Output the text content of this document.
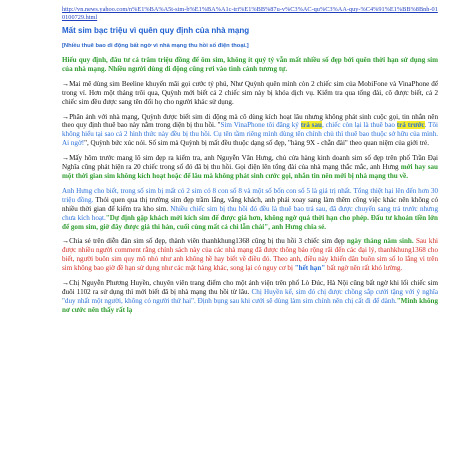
http://vn.news.yahoo.com/n%E1%BA%A5t-sim-b%E1%BA%A1c-tri%E1%BB%87u-v%C3%AC-qu%C3%AA-quy-%C4%91%E1%BB%8Bnh-010100729.html
Mất sim bạc triệu vì quên quy định của nhà mạng
[Nhiều thuê bao di động bất ngờ vì nhà mạng thu hồi số điện thoại.]

Hiếu quy định, đâu tư cả trăm triệu đồng để ôm sim, không ít quý tỷ vẫn mất nhiều số đẹp bởi quên thời hạn sử dụng sim của nhà mạng. Nhiều người dùng di động cũng rơi vào tình cảnh tương tự.

→Mai mê dùng sim Beeline khuyến mãi gọi cước tỷ phú, Như Quỳnh quên mình còn 2 chiếc sim của MobiFone và VinaPhone để trong ví. Hơn một tháng trôi qua, Quỳnh mới biết cả 2 chiếc sim này bị khóa dịch vụ. Kiểm tra qua tổng đài, cô được biết, cả 2 chiếc sim đều được sang tên đổi họ cho người khác sử dụng.

→Phân ảnh với nhà mạng, Quỳnh được biết sim di động mà cô dùng kích hoạt lâu nhưng không phát sinh cuộc gọi, tin nhắn nên theo quy định thuê bao này nằm trong diện bị thu hồi. "Sim VinaPhone tôi đăng ký trả sau, chiếc còn lại là thuê bao trả trước. Tôi không hiểu tại sao cả 2 hình thức này đều bị thu hồi. Cụ tên tầm riêng mình dùng tên chính chủ thì thuê bao thuộc sở hữu của mình. Ai ngờ!", Quỳnh bức xúc nói. Số sim mà Quỳnh bị mất đều thuộc dạng số đẹp, "hàng 9X - chẵn đài" theo quan niệm của giới trẻ.

→Mấy hôm trước mang lô sim đẹp ra kiểm tra, anh Nguyễn Văn Hưng, chủ cửa hàng kinh doanh sim số đẹp trên phố Trần Đại Nghĩa cũng phát hiện ra 20 chiếc trong số đó đã bị thu hồi. Gọi điện lên tổng đài của nhà mạng thắc mắc, anh Hưng mới hay sau một thời gian sim không kích hoạt hoặc để lâu mà không phát sinh cước gọi, nhắn tin nên mới bị nhà mạng thu về.

Anh Hưng cho biết, trong số sim bị mất có 2 sim có 8 con số 8 và một số bốn con số 5 là giá trị nhất. Tổng thiệt hại lên đến hơn 30 triệu đồng. Thói quen qua thị trường sim đẹp trầm lắng, vắng khách, anh phải xoay sang làm thêm công việc khác nên không có nhiều thời gian để kiểm tra kho sim. Nhiều chiếc sim bị thu hồi đó đều là thuê bao trả sau, đã được chuyển sang trả trước nhưng chưa kích hoạt."Dự định gặp khách mới kích sim để được giá hơn, không ngờ quá thời hạn cho phép. Đấu tư khoản tiền lớn để gom sim, giờ đây được giá thì hàn, cuối cùng mất cả chì lẫn chài", anh Hưng chia sẻ.

→Chia sẻ trên diễn đàn sim số đẹp, thành viên thanhkhung1368 cũng bị thu hồi 3 chiếc sim đẹp ngày tháng năm sinh. Sau khi được nhiều người comment rằng chính sách này của các nhà mạng đã được thông báo rộng rãi đến các đại lý, thanhkhung1368 cho biết, người buôn sim quy mô nhỏ như anh không hề hay biết về điều đó. Theo anh, điều này khiến dân buôn sim số lo lắng vì trên sim không bao giờ đề hạn sử dụng như các mặt hàng khác, song lại có nguy cơ bị "hết hạn" bất ngờ nên rất khó lường.

→Chị Nguyễn Phương Huyền, chuyên viên trang điểm cho một ảnh viện trên phố Lò Đúc, Hà Nội cũng bất ngờ khi lối chiếc sim đuôi 1102 ra sử dụng thì mới biết đã bị nhà mạng thu hồi từ lâu. Chị Huyền kể, sim đó chị được chồng sắp cưới tặng với ý nghĩa "duy nhất một người, không có người thứ hai". Định bụng sau khi cưới sẽ dùng làm sim chính nên chị cất đi để dành."Minh không nơ cước nên thấy rất lạ
